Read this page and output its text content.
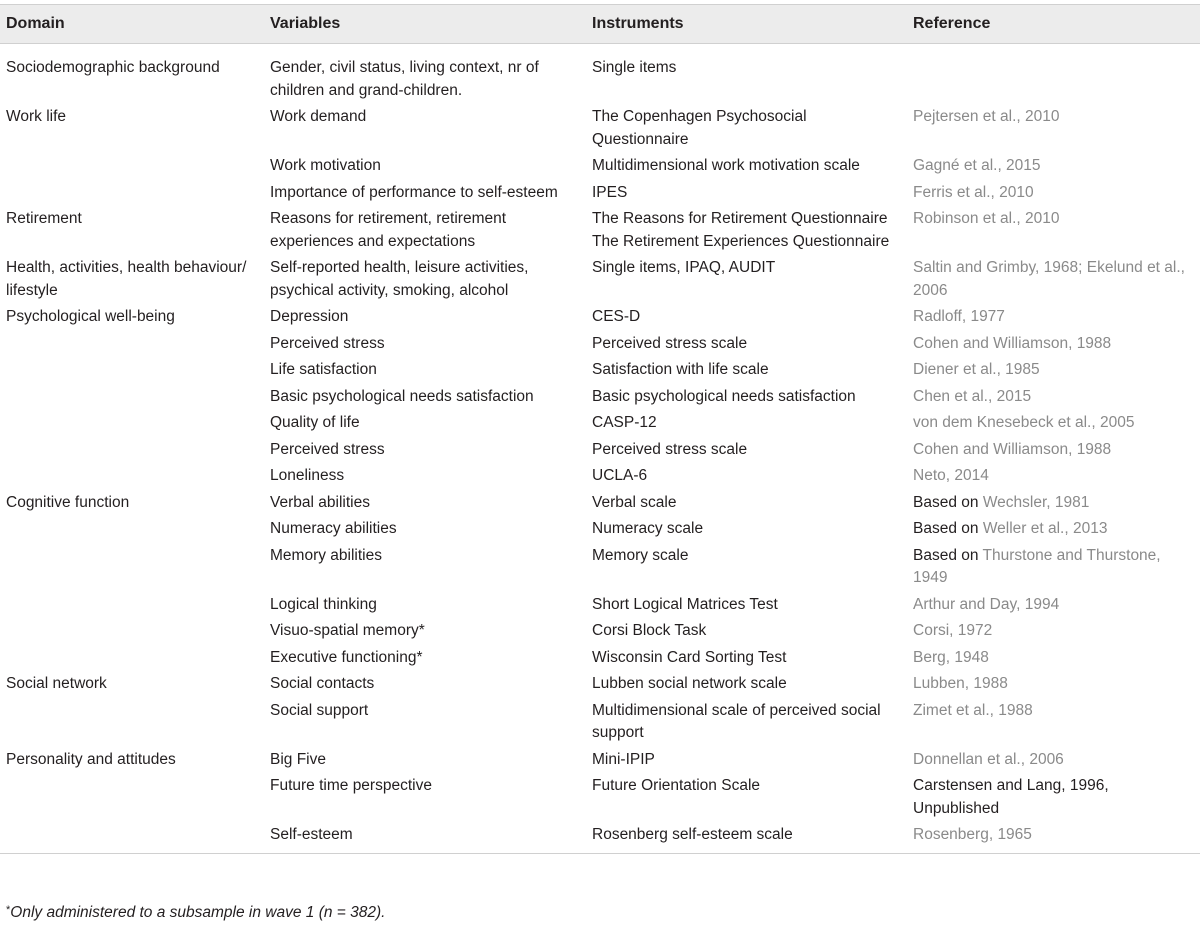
Domain	Variables	Instruments	Reference
Sociodemographic background	Gender, civil status, living context, nr of children and grand-children.	Single items	
Work life	Work demand	The Copenhagen Psychosocial Questionnaire	Pejtersen et al., 2010
	Work motivation	Multidimensional work motivation scale	Gagné et al., 2015
	Importance of performance to self-esteem	IPES	Ferris et al., 2010
Retirement	Reasons for retirement, retirement experiences and expectations	The Reasons for Retirement Questionnaire The Retirement Experiences Questionnaire	Robinson et al., 2010
Health, activities, health behaviour/ lifestyle	Self-reported health, leisure activities, psychical activity, smoking, alcohol	Single items, IPAQ, AUDIT	Saltin and Grimby, 1968; Ekelund et al., 2006
Psychological well-being	Depression	CES-D	Radloff, 1977
	Perceived stress	Perceived stress scale	Cohen and Williamson, 1988
	Life satisfaction	Satisfaction with life scale	Diener et al., 1985
	Basic psychological needs satisfaction	Basic psychological needs satisfaction	Chen et al., 2015
	Quality of life	CASP-12	von dem Knesebeck et al., 2005
	Perceived stress	Perceived stress scale	Cohen and Williamson, 1988
	Loneliness	UCLA-6	Neto, 2014
Cognitive function	Verbal abilities	Verbal scale	Based on Wechsler, 1981
	Numeracy abilities	Numeracy scale	Based on Weller et al., 2013
	Memory abilities	Memory scale	Based on Thurstone and Thurstone, 1949
	Logical thinking	Short Logical Matrices Test	Arthur and Day, 1994
	Visuo-spatial memory*	Corsi Block Task	Corsi, 1972
	Executive functioning*	Wisconsin Card Sorting Test	Berg, 1948
Social network	Social contacts	Lubben social network scale	Lubben, 1988
	Social support	Multidimensional scale of perceived social support	Zimet et al., 1988
Personality and attitudes	Big Five	Mini-IPIP	Donnellan et al., 2006
	Future time perspective	Future Orientation Scale	Carstensen and Lang, 1996, Unpublished
	Self-esteem	Rosenberg self-esteem scale	Rosenberg, 1965
*Only administered to a subsample in wave 1 (n = 382).
